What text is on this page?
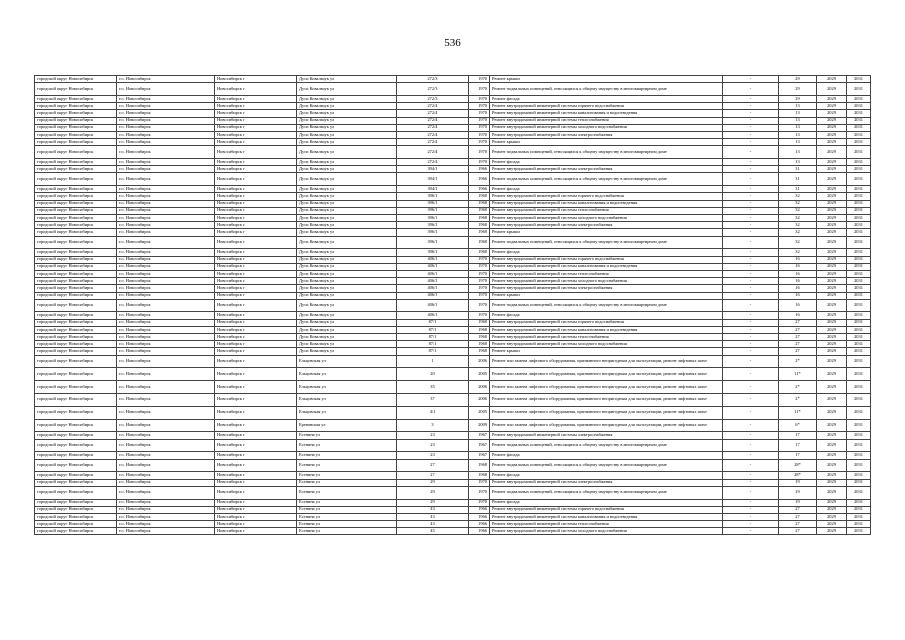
536
городской округ Новосибирск	г.о. Новосибирск	Новосибирск г	Дуси Ковальчук ул	272/3	1970	Ремонт крыши	-	29	2029	2031
городской округ Новосибирск	г.о. Новосибирск	Новосибирск г	Дуси Ковальчук ул	272/3	1970	Ремонт подвальных помещений, относящихся к общему имуществу в многоквартирном доме	-	29	2029	2031
городской округ Новосибирск	г.о. Новосибирск	Новосибирск г	Дуси Ковальчук ул	272/3	1970	Ремонт фасада	-	29	2029	2031
городской округ Новосибирск	г.о. Новосибирск	Новосибирск г	Дуси Ковальчук ул	272/4	1970	Ремонт внутридомовой инженерной системы горячего водоснабжения	-	13	2029	2031
городской округ Новосибирск	г.о. Новосибирск	Новосибирск г	Дуси Ковальчук ул	272/4	1970	Ремонт внутридомовой инженерной системы канализования и водоотведения	-	13	2029	2031
городской округ Новосибирск	г.о. Новосибирск	Новосибирск г	Дуси Ковальчук ул	272/4	1970	Ремонт внутридомовой инженерной системы теплоснабжения	-	13	2029	2031
городской округ Новосибирск	г.о. Новосибирск	Новосибирск г	Дуси Ковальчук ул	272/4	1970	Ремонт внутридомовой инженерной системы холодного водоснабжения	-	13	2029	2031
городской округ Новосибирск	г.о. Новосибирск	Новосибирск г	Дуси Ковальчук ул	272/4	1970	Ремонт внутридомовой инженерной системы электроснабжения	-	13	2029	2031
городской округ Новосибирск	г.о. Новосибирск	Новосибирск г	Дуси Ковальчук ул	272/4	1970	Ремонт крыши	-	13	2029	2031
городской округ Новосибирск	г.о. Новосибирск	Новосибирск г	Дуси Ковальчук ул	272/4	1970	Ремонт подвальных помещений, относящихся к общему имуществу в многоквартирном доме	-	13	2029	2031
городской округ Новосибирск	г.о. Новосибирск	Новосибирск г	Дуси Ковальчук ул	272/4	1970	Ремонт фасада	-	13	2029	2031
городской округ Новосибирск	г.о. Новосибирск	Новосибирск г	Дуси Ковальчук ул	394/1	1966	Ремонт внутридомовой инженерной системы электроснабжения	-	31	2029	2031
городской округ Новосибирск	г.о. Новосибирск	Новосибирск г	Дуси Ковальчук ул	394/1	1966	Ремонт подвальных помещений, относящихся к общему имуществу в многоквартирном доме	-	31	2029	2031
городской округ Новосибирск	г.о. Новосибирск	Новосибирск г	Дуси Ковальчук ул	394/1	1966	Ремонт фасада	-	31	2029	2031
городской округ Новосибирск	г.о. Новосибирск	Новосибирск г	Дуси Ковальчук ул	396/1	1968	Ремонт внутридомовой инженерной системы горячего водоснабжения	-	32	2029	2031
городской округ Новосибирск	г.о. Новосибирск	Новосибирск г	Дуси Ковальчук ул	396/1	1968	Ремонт внутридомовой инженерной системы канализования и водоотведения	-	32	2029	2031
городской округ Новосибирск	г.о. Новосибирск	Новосибирск г	Дуси Ковальчук ул	396/1	1968	Ремонт внутридомовой инженерной системы теплоснабжения	-	32	2029	2031
городской округ Новосибирск	г.о. Новосибирск	Новосибирск г	Дуси Ковальчук ул	396/1	1968	Ремонт внутридомовой инженерной системы холодного водоснабжения	-	32	2029	2031
городской округ Новосибирск	г.о. Новосибирск	Новосибирск г	Дуси Ковальчук ул	396/1	1968	Ремонт внутридомовой инженерной системы электроснабжения	-	32	2029	2031
городской округ Новосибирск	г.о. Новосибирск	Новосибирск г	Дуси Ковальчук ул	396/1	1968	Ремонт крыши	-	32	2029	2031
городской округ Новосибирск	г.о. Новосибирск	Новосибирск г	Дуси Ковальчук ул	396/1	1968	Ремонт подвальных помещений, относящихся к общему имуществу в многоквартирном доме	-	32	2029	2031
городской округ Новосибирск	г.о. Новосибирск	Новосибирск г	Дуси Ковальчук ул	396/1	1968	Ремонт фасада	-	32	2029	2031
городской округ Новосибирск	г.о. Новосибирск	Новосибирск г	Дуси Ковальчук ул	406/1	1970	Ремонт внутридомовой инженерной системы горячего водоснабжения	-	16	2029	2031
городской округ Новосибирск	г.о. Новосибирск	Новосибирск г	Дуси Ковальчук ул	406/1	1970	Ремонт внутридомовой инженерной системы канализования и водоотведения	-	16	2029	2031
городской округ Новосибирск	г.о. Новосибирск	Новосибирск г	Дуси Ковальчук ул	406/1	1970	Ремонт внутридомовой инженерной системы теплоснабжения	-	16	2029	2031
городской округ Новосибирск	г.о. Новосибирск	Новосибирск г	Дуси Ковальчук ул	406/1	1970	Ремонт внутридомовой инженерной системы холодного водоснабжения	-	16	2029	2031
городской округ Новосибирск	г.о. Новосибирск	Новосибирск г	Дуси Ковальчук ул	406/1	1970	Ремонт внутридомовой инженерной системы электроснабжения	-	16	2029	2031
городской округ Новосибирск	г.о. Новосибирск	Новосибирск г	Дуси Ковальчук ул	406/1	1970	Ремонт крыши	-	16	2029	2031
городской округ Новосибирск	г.о. Новосибирск	Новосибирск г	Дуси Ковальчук ул	406/1	1970	Ремонт подвальных помещений, относящихся к общему имуществу в многоквартирном доме	-	16	2029	2031
городской округ Новосибирск	г.о. Новосибирск	Новосибирск г	Дуси Ковальчук ул	406/1	1970	Ремонт фасада	-	16	2029	2031
городской округ Новосибирск	г.о. Новосибирск	Новосибирск г	Дуси Ковальчук ул	87/1	1968	Ремонт внутридомовой инженерной системы горячего водоснабжения	-	27	2029	2031
городской округ Новосибирск	г.о. Новосибирск	Новосибирск г	Дуси Ковальчук ул	87/1	1968	Ремонт внутридомовой инженерной системы канализования и водоотведения	-	27	2029	2031
городской округ Новосибирск	г.о. Новосибирск	Новосибирск г	Дуси Ковальчук ул	87/1	1968	Ремонт внутридомовой инженерной системы теплоснабжения	-	27	2029	2031
городской округ Новосибирск	г.о. Новосибирск	Новосибирск г	Дуси Ковальчук ул	87/1	1968	Ремонт внутридомовой инженерной системы холодного водоснабжения	-	27	2029	2031
городской округ Новосибирск	г.о. Новосибирск	Новосибирск г	Дуси Ковальчук ул	87/1	1968	Ремонт крыши	-	27	2029	2031
городской округ Новосибирск	г.о. Новосибирск	Новосибирск г	Ельцовская ул	1	2006	Ремонт или замена лифтового оборудования, признанного непригодным для эксплуатации, ремонт лифтовых шахт	-	2*	2029	2031
городской округ Новосибирск	г.о. Новосибирск	Новосибирск г	Ельцовская ул	20	2005	Ремонт или замена лифтового оборудования, признанного непригодным для эксплуатации, ремонт лифтовых шахт	-	11*	2029	2031
городской округ Новосибирск	г.о. Новосибирск	Новосибирск г	Ельцовская ул	35	2006	Ремонт или замена лифтового оборудования, признанного непригодным для эксплуатации, ремонт лифтовых шахт	-	2*	2029	2031
городской округ Новосибирск	г.о. Новосибирск	Новосибирск г	Ельцовская ул	37	2006	Ремонт или замена лифтового оборудования, признанного непригодным для эксплуатации, ремонт лифтовых шахт	-	2*	2029	2031
городской округ Новосибирск	г.о. Новосибирск	Новосибирск г	Ельцовская ул	4/1	2005	Ремонт или замена лифтового оборудования, признанного непригодным для эксплуатации, ремонт лифтовых шахт	-	11*	2029	2031
городской округ Новосибирск	г.о. Новосибирск	Новосибирск г	Ереванская ул	3	2009	Ремонт или замена лифтового оборудования, признанного непригодным для эксплуатации, ремонт лифтовых шахт	-	6*	2029	2031
городской округ Новосибирск	г.о. Новосибирск	Новосибирск г	Есенина ул	23	1967	Ремонт внутридомовой инженерной системы электроснабжения	-	17	2029	2031
городской округ Новосибирск	г.о. Новосибирск	Новосибирск г	Есенина ул	23	1967	Ремонт подвальных помещений, относящихся к общему имуществу в многоквартирном доме	-	17	2029	2031
городской округ Новосибирск	г.о. Новосибирск	Новосибирск г	Есенина ул	23	1967	Ремонт фасада	-	17	2029	2031
городской округ Новосибирск	г.о. Новосибирск	Новосибирск г	Есенина ул	27	1968	Ремонт подвальных помещений, относящихся к общему имуществу в многоквартирном доме	-	28*	2029	2031
городской округ Новосибирск	г.о. Новосибирск	Новосибирск г	Есенина ул	27	1968	Ремонт фасада	-	28*	2029	2031
городской округ Новосибирск	г.о. Новосибирск	Новосибирск г	Есенина ул	29	1970	Ремонт внутридомовой инженерной системы электроснабжения	-	19	2029	2031
городской округ Новосибирск	г.о. Новосибирск	Новосибирск г	Есенина ул	29	1970	Ремонт подвальных помещений, относящихся к общему имуществу в многоквартирном доме	-	19	2029	2031
городской округ Новосибирск	г.о. Новосибирск	Новосибирск г	Есенина ул	29	1970	Ремонт фасада	-	19	2029	2031
городской округ Новосибирск	г.о. Новосибирск	Новосибирск г	Есенина ул	43	1966	Ремонт внутридомовой инженерной системы горячего водоснабжения	-	27	2029	2031
городской округ Новосибирск	г.о. Новосибирск	Новосибирск г	Есенина ул	43	1966	Ремонт внутридомовой инженерной системы канализования и водоотведения	-	27	2029	2031
городской округ Новосибирск	г.о. Новосибирск	Новосибирск г	Есенина ул	43	1966	Ремонт внутридомовой инженерной системы теплоснабжения	-	27	2029	2031
городской округ Новосибирск	г.о. Новосибирск	Новосибирск г	Есенина ул	45	1966	Ремонт внутридомовой инженерной системы холодного водоснабжения	-	27	2029	2031
